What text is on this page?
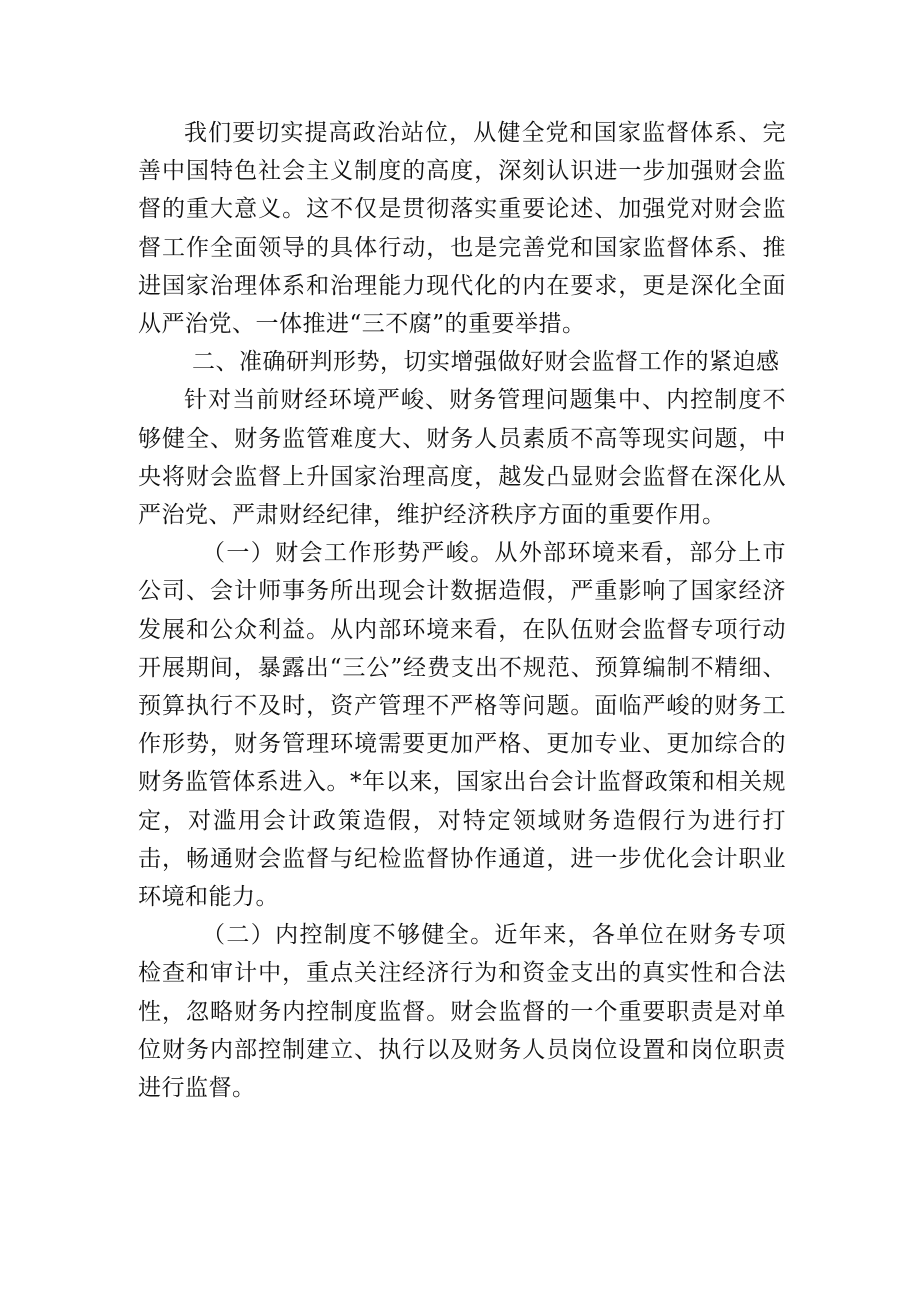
我们要切实提高政治站位，从健全党和国家监督体系、完善中国特色社会主义制度的高度，深刻认识进一步加强财会监督的重大意义。这不仅是贯彻落实重要论述、加强党对财会监督工作全面领导的具体行动，也是完善党和国家监督体系、推进国家治理体系和治理能力现代化的内在要求，更是深化全面从严治党、一体推进“三不腐”的重要举措。

二、准确研判形势，切实增强做好财会监督工作的紧迫感

针对当前财经环境严峻、财务管理问题集中、内控制度不够健全、财务监管难度大、财务人员素质不高等现实问题，中央将财会监督上升国家治理高度，越发凸显财会监督在深化从严治党、严肃财经纪律，维护经济秩序方面的重要作用。

（一）财会工作形势严峻。从外部环境来看，部分上市公司、会计师事务所出现会计数据造假，严重影响了国家经济发展和公众利益。从内部环境来看，在队伍财会监督专项行动开展期间，暴露出“三公”经费支出不规范、预算编制不精细、预算执行不及时，资产管理不严格等问题。面临严峻的财务工作形势，财务管理环境需要更加严格、更加专业、更加综合的财务监管体系进入。*年以来，国家出台会计监督政策和相关规定，对滥用会计政策造假，对特定领域财务造假行为进行打击，畅通财会监督与纪检监督协作通道，进一步优化会计职业环境和能力。

（二）内控制度不够健全。近年来，各单位在财务专项检查和审计中，重点关注经济行为和资金支出的真实性和合法性，忽略财务内控制度监督。财会监督的一个重要职责是对单位财务内部控制建立、执行以及财务人员岗位设置和岗位职责进行监督。
